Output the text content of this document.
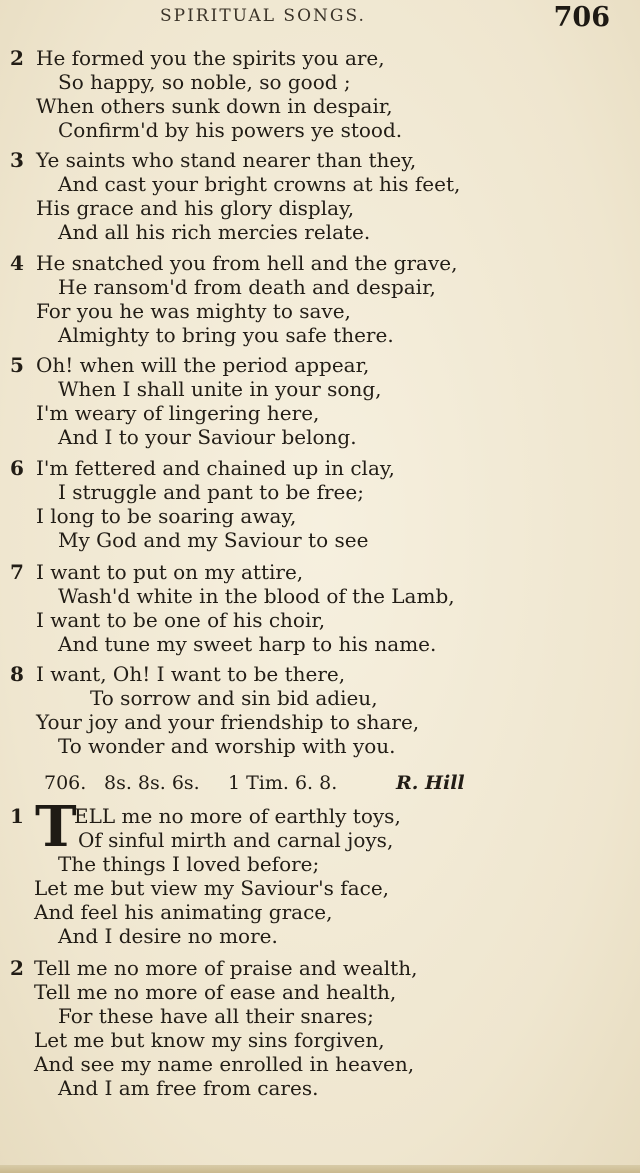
SPIRITUAL SONGS.	706
2 He formed you the spirits you are,
So happy, so noble, so good ;
When others sunk down in despair,
Confirm'd by his powers ye stood.
3 Ye saints who stand nearer than they,
And cast your bright crowns at his feet,
His grace and his glory display,
And all his rich mercies relate.
4 He snatched you from hell and the grave,
He ransom'd from death and despair,
For you he was mighty to save,
Almighty to bring you safe there.
5 Oh! when will the period appear,
When I shall unite in your song,
I'm weary of lingering here,
And I to your Saviour belong.
6 I'm fettered and chained up in clay,
I struggle and pant to be free;
I long to be soaring away,
My God and my Saviour to see
7 I want to put on my attire,
Wash'd white in the blood of the Lamb,
I want to be one of his choir,
And tune my sweet harp to his name.
8 I want, Oh! I want to be there,
To sorrow and sin bid adieu,
Your joy and your friendship to share,
To wonder and worship with you.
706. 8s. 8s. 6s. 1 Tim. 6. 8.	R. Hill
1 T
ELL me no more of earthly toys,
Of sinful mirth and carnal joys,
The things I loved before;
Let me but view my Saviour's face,
And feel his animating grace,
And I desire no more.
2 Tell me no more of praise and wealth,
Tell me no more of ease and health,
For these have all their snares;
Let me but know my sins forgiven,
And see my name enrolled in heaven,
And I am free from cares.
